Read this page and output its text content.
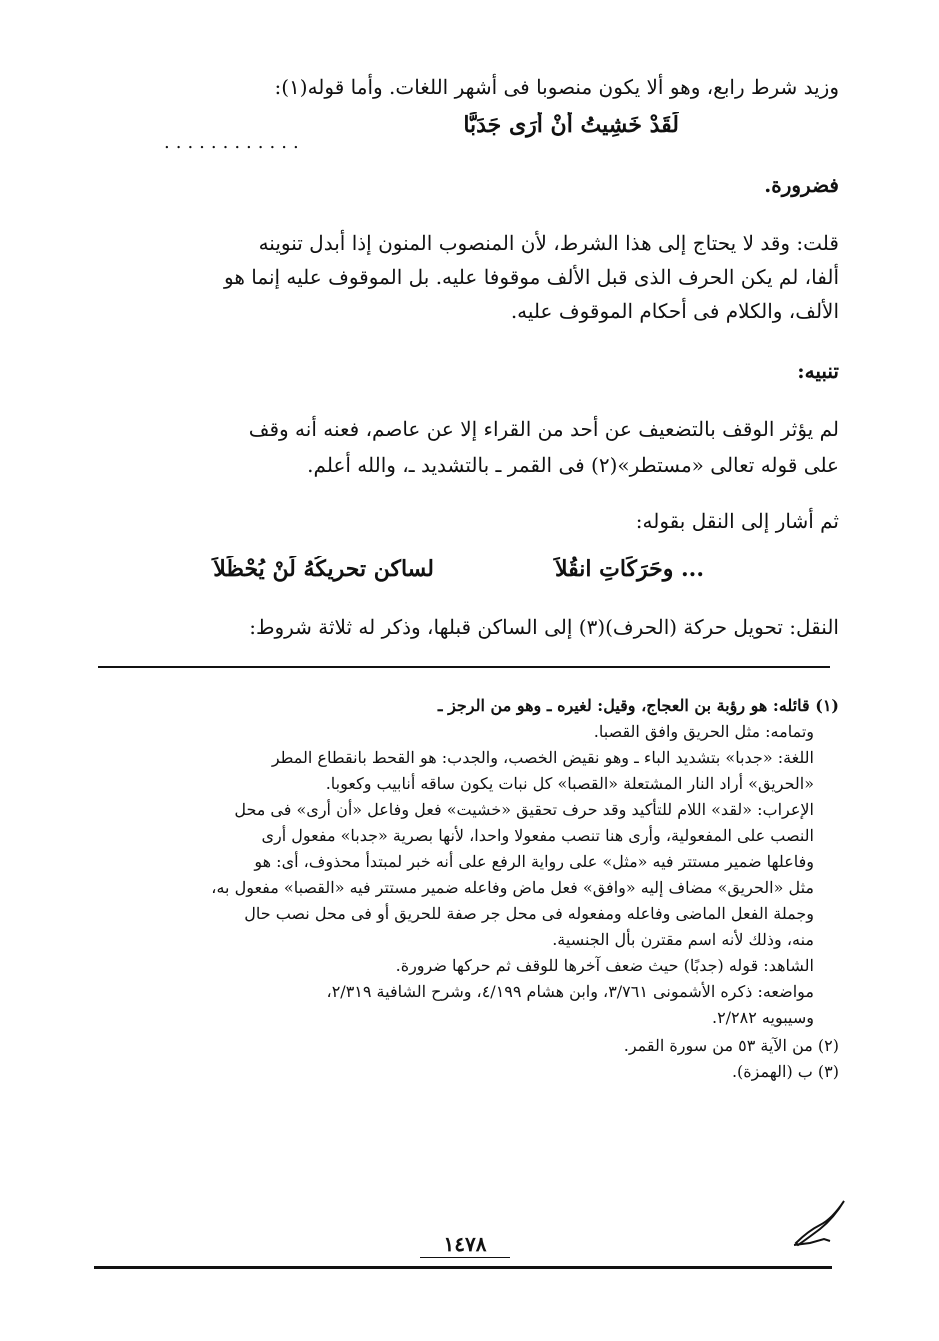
وزيد شرط رابع، وهو ألا يكون منصوبا فى أشهر اللغات. وأما قوله(١):
لَقَدْ خَشِيتُ أَنْ أَرَى جَدَبَّا
............
فضرورة.
قلت: وقد لا يحتاج إلى هذا الشرط، لأن المنصوب المنون إذا أبدل تنوينه
ألفا، لم يكن الحرف الذى قبل الألف موقوفا عليه. بل الموقوف عليه إنما هو
الألف، والكلام فى أحكام الموقوف عليه.
تنبيه:
لم يؤثر الوقف بالتضعيف عن أحد من القراء إلا عن عاصم، فعنه أنه وقف
على قوله تعالى «مستطر»(٢) فى القمر ـ بالتشديد ـ، والله أعلم.
ثم أشار إلى النقل بقوله:
... وحَرَكَاتِ انقُلاَ
لساكنٍ تحريكُهُ لَنْ يُحْظَلاَ
النقل: تحويل حركة (الحرف)(٣) إلى الساكن قبلها، وذكر له ثلاثة شروط:
(١) قائله: هو رؤبة بن العجاج، وقيل: لغيره ـ وهو من الرجز ـ
وتمامه: مثل الحريق وافق القصبا.
اللغة: «جدبا» بتشديد الباء ـ وهو نقيض الخصب، والجدب: هو القحط بانقطاع المطر
«الحريق» أراد النار المشتعلة «القصبا» كل نبات يكون ساقه أنابيب وكعوبا.
الإعراب: «لقد» اللام للتأكيد وقد حرف تحقيق «خشيت» فعل وفاعل «أن أرى» فى محل
النصب على المفعولية، وأرى هنا تنصب مفعولا واحدا، لأنها بصرية «جدبا» مفعول أرى
وفاعلها ضمير مستتر فيه «مثل» على رواية الرفع على أنه خبر لمبتدأ محذوف، أى: هو
مثل «الحريق» مضاف إليه «وافق» فعل ماض وفاعله ضمير مستتر فيه «القصبا» مفعول به،
وجملة الفعل الماضى وفاعله ومفعوله فى محل جر صفة للحريق أو فى محل نصب حال
منه، وذلك لأنه اسم مقترن بأل الجنسية.
الشاهد: قوله (جدبًا) حيث ضعف آخرها للوقف ثم حركها ضرورة.
مواضعه: ذكره الأشمونى ٣/٧٦١، وابن هشام ٤/١٩٩، وشرح الشافية ٢/٣١٩،
وسيبويه ٢/٢٨٢.
(٢) من الآية ٥٣ من سورة القمر.
(٣) ب (الهمزة).
١٤٧٨
